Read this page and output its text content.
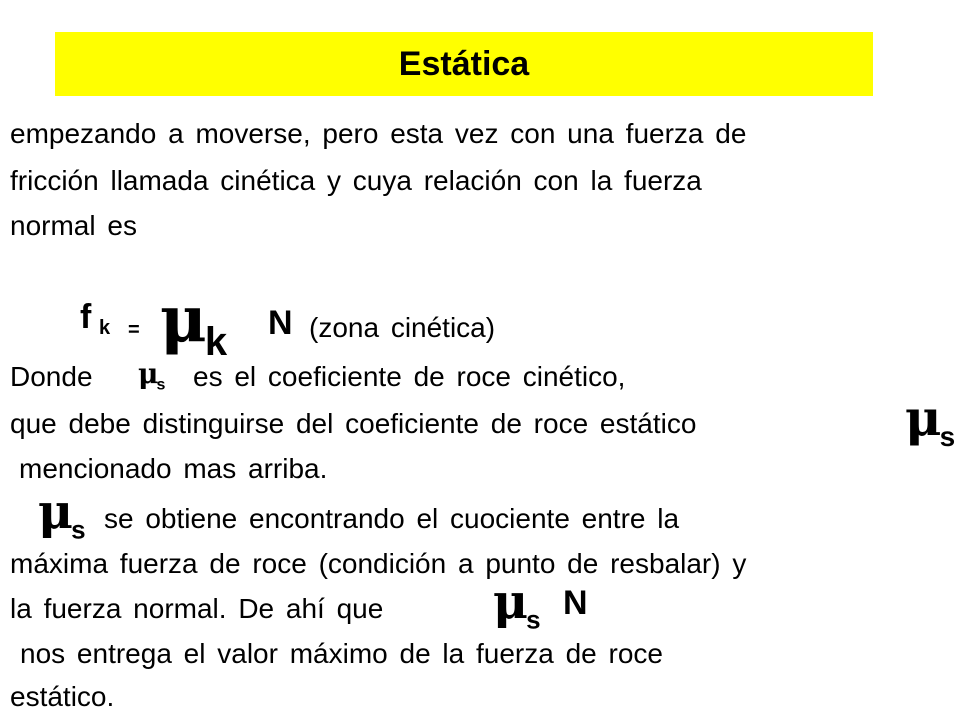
Estática
empezando a moverse, pero esta vez con una fuerza de
fricción llamada cinética y cuya relación con la fuerza
normal es
f $k = \mu_k$ N (zona cinética)
Donde $\mu_s$ es el coeficiente de roce cinético,
que debe distinguirse del coeficiente de roce estático	$\mu_s$
mencionado mas arriba.
$\mu_s$ se obtiene encontrando el cuociente entre la
máxima fuerza de roce (condición a punto de resbalar) y
la fuerza normal. De ahí que $\mu_s$ N
nos entrega el valor máximo de la fuerza de roce
estático.
